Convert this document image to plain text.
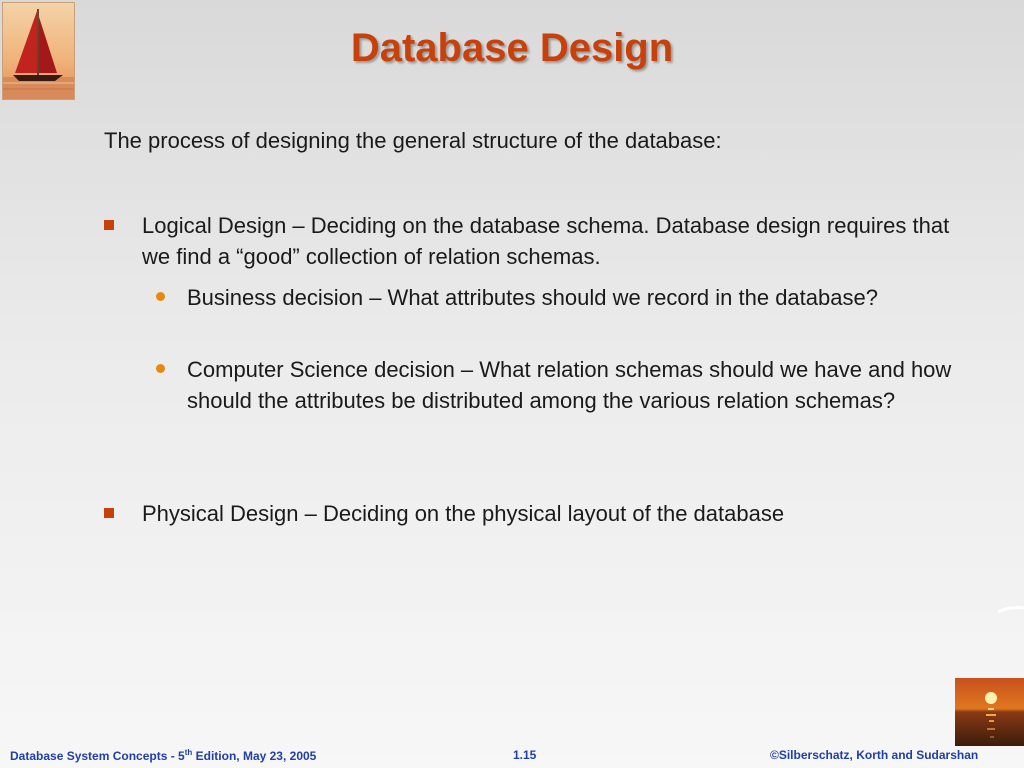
Database Design
The process of designing the general structure of the database:
Logical Design – Deciding on the database schema. Database design requires that we find a “good” collection of relation schemas.
Business decision – What attributes should we record in the database?
Computer Science decision – What relation schemas should we have and how should the attributes be distributed among the various relation schemas?
Physical Design – Deciding on the physical layout of the database
Database System Concepts - 5th Edition, May 23, 2005	1.15	©Silberschatz, Korth and Sudarshan
